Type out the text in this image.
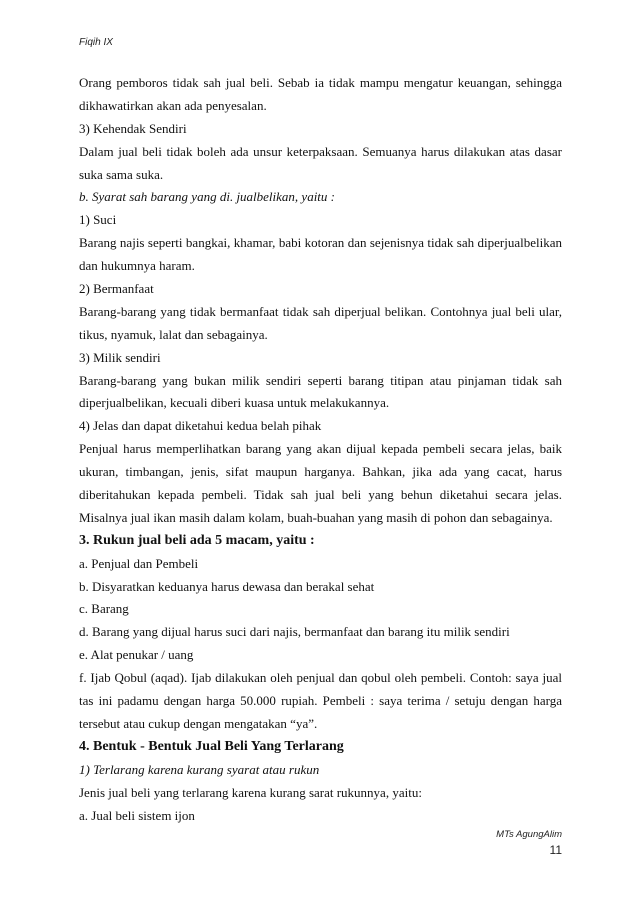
Fiqih IX
Orang pemboros tidak sah jual beli. Sebab ia tidak mampu mengatur keuangan, sehingga
dikhawatirkan akan ada penyesalan.
3) Kehendak Sendiri
Dalam jual beli tidak boleh ada unsur keterpaksaan. Semuanya harus dilakukan atas dasar
suka sama suka.
b. Syarat sah barang yang di. jualbelikan, yaitu :
1) Suci
Barang najis seperti bangkai, khamar, babi kotoran dan sejenisnya tidak sah diperjualbelikan
dan hukumnya haram.
2) Bermanfaat
Barang-barang yang tidak bermanfaat tidak sah diperjual belikan. Contohnya jual beli ular,
tikus, nyamuk, lalat dan sebagainya.
3) Milik sendiri
Barang-barang yang bukan milik sendiri seperti barang titipan atau pinjaman tidak sah
diperjualbelikan, kecuali diberi kuasa untuk melakukannya.
4) Jelas dan dapat diketahui kedua belah pihak
Penjual harus memperlihatkan barang yang akan dijual kepada pembeli secara jelas, baik
ukuran, timbangan, jenis, sifat maupun harganya. Bahkan, jika ada yang cacat, harus
diberitahukan kepada pembeli. Tidak sah jual beli yang behun diketahui secara jelas.
Misalnya jual ikan masih dalam kolam, buah-buahan yang masih di pohon dan sebagainya.
3. Rukun jual beli ada 5 macam, yaitu :
a. Penjual dan Pembeli
b. Disyaratkan keduanya harus dewasa dan berakal sehat
c. Barang
d. Barang yang dijual harus suci dari najis, bermanfaat dan barang itu milik sendiri
e. Alat penukar / uang
f. Ijab Qobul (aqad). Ijab dilakukan oleh penjual dan qobul oleh pembeli. Contoh: saya jual
tas ini padamu dengan harga 50.000 rupiah. Pembeli : saya terima / setuju dengan harga
tersebut atau cukup dengan mengatakan “ya”.
4. Bentuk - Bentuk Jual Beli Yang Terlarang
1) Terlarang karena kurang syarat atau rukun
Jenis jual beli yang terlarang karena kurang sarat rukunnya, yaitu:
a. Jual beli sistem ijon
MTs AgungAlim
11
